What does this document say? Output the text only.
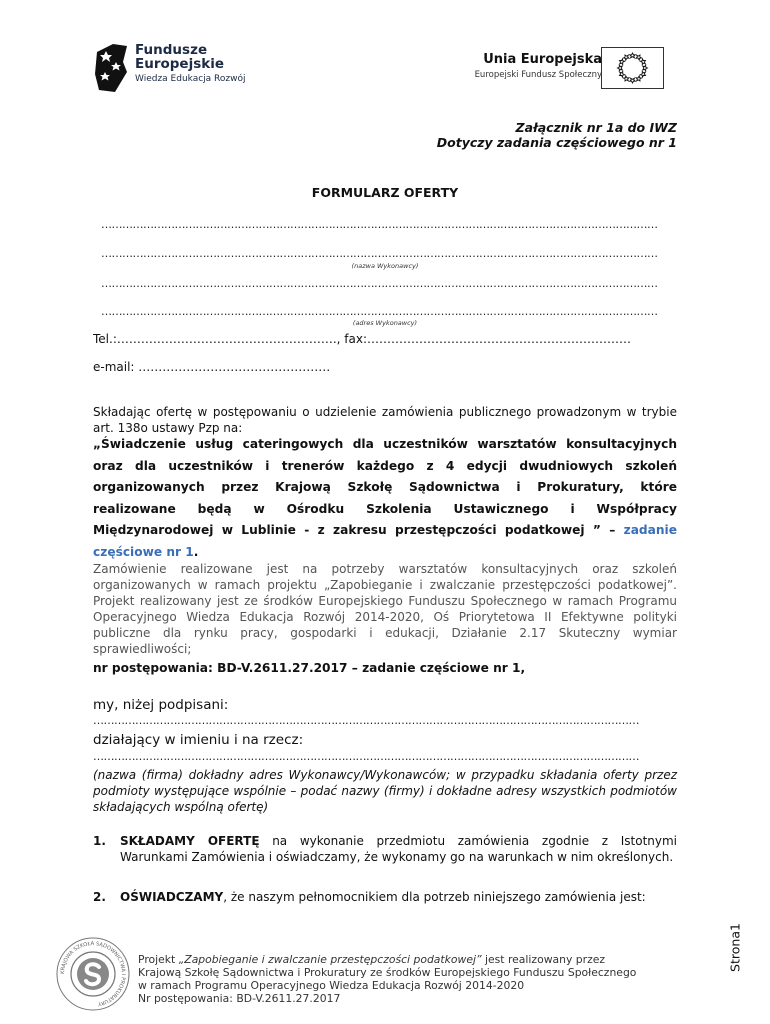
Fundusze
Europejskie
Wiedza Edukacja Rozwój
Unia Europejska
Europejski Fundusz Społeczny
Załącznik nr 1a do IWZ
Dotyczy zadania częściowego nr 1
FORMULARZ OFERTY
……………………………………………………………………………………………………………………………………………
……………………………………………………………………………………………………………………………………………
(nazwa Wykonawcy)
……………………………………………………………………………………………………………………………………………
……………………………………………………………………………………………………………………………………………
(adres Wykonawcy)
Tel.:………………………………………………., fax:…………………………………………………………
e-mail: …………………………………………
Składając ofertę w postępowaniu o udzielenie zamówienia publicznego prowadzonym w trybie art. 138o ustawy Pzp na:
„Świadczenie usług cateringowych dla uczestników warsztatów konsultacyjnych oraz dla uczestników i trenerów każdego z 4 edycji dwudniowych szkoleń organizowanych przez Krajową Szkołę Sądownictwa i Prokuratury, które realizowane będą w Ośrodku Szkolenia Ustawicznego i Współpracy Międzynarodowej w Lublinie - z zakresu przestępczości podatkowej ” – zadanie częściowe nr 1.
Zamówienie realizowane jest na potrzeby warsztatów konsultacyjnych oraz szkoleń organizowanych w ramach projektu „Zapobieganie i zwalczanie przestępczości podatkowej”. Projekt realizowany jest ze środków Europejskiego Funduszu Społecznego w ramach Programu Operacyjnego Wiedza Edukacja Rozwój 2014-2020, Oś Priorytetowa II Efektywne polityki publiczne dla rynku pracy, gospodarki i edukacji, Działanie 2.17 Skuteczny wymiar sprawiedliwości;
nr postępowania: BD-V.2611.27.2017 – zadanie częściowe nr 1,
my, niżej podpisani:
…………………………………………………………………………………………………………………………………………
działający w imieniu i na rzecz:
…………………………………………………………………………………………………………………………………………
(nazwa (firma) dokładny adres Wykonawcy/Wykonawców; w przypadku składania oferty przez podmioty występujące wspólnie – podać nazwy (firmy) i dokładne adresy wszystkich podmiotów składających wspólną ofertę)
1. SKŁADAMY OFERTĘ na wykonanie przedmiotu zamówienia zgodnie z Istotnymi Warunkami Zamówienia i oświadczamy, że wykonamy go na warunkach w nim określonych.
2. OŚWIADCZAMY, że naszym pełnomocnikiem dla potrzeb niniejszego zamówienia jest:
Strona1
KRAJOWA SZKOŁA SĄDOWNICTWA I PROKURATURY
Projekt „Zapobieganie i zwalczanie przestępczości podatkowej” jest realizowany przez
Krajową Szkołę Sądownictwa i Prokuratury ze środków Europejskiego Funduszu Społecznego
w ramach Programu Operacyjnego Wiedza Edukacja Rozwój 2014-2020
Nr postępowania: BD-V.2611.27.2017
